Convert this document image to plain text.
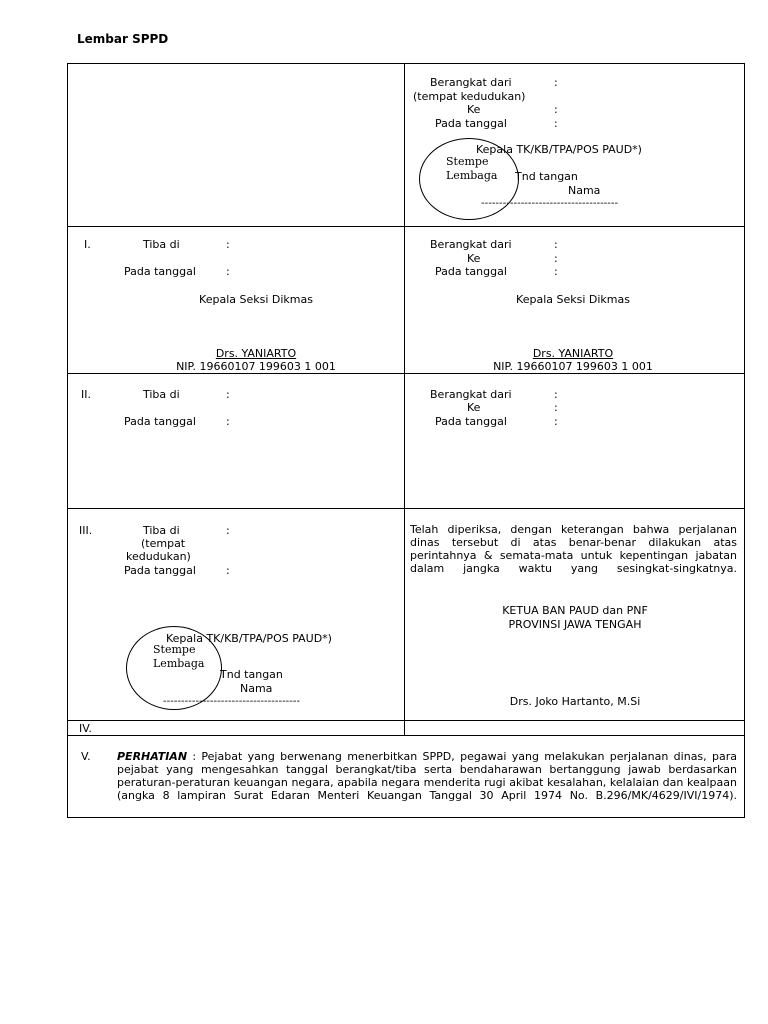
Lembar SPPD
Berangkat dari	:
(tempat kedudukan)
Ke	:
Pada tanggal	:
Kepala TK/KB/TPA/POS PAUD*)
Stempe
Lembaga Tnd tangan
Nama
--------------------------------------
I.	Tiba di	:
Pada tanggal	:
Kepala Seksi Dikmas
Drs. YANIARTO
NIP. 19660107 199603 1 001
Berangkat dari	:
Ke	:
Pada tanggal	:
Kepala Seksi Dikmas
Drs. YANIARTO
NIP. 19660107 199603 1 001
II.	Tiba di	:
Pada tanggal	:
Berangkat dari	:
Ke	:
Pada tanggal	:
III.	Tiba di	:
(tempat
kedudukan)
Pada tanggal	:
Kepala TK/KB/TPA/POS PAUD*)
Stempe
Lembaga
Tnd tangan
Nama
--------------------------------------
Telah diperiksa, dengan keterangan bahwa perjalanan dinas tersebut di atas benar-benar dilakukan atas perintahnya & semata-mata untuk kepentingan jabatan dalam jangka waktu yang sesingkat-singkatnya.
KETUA BAN PAUD dan PNF
PROVINSI JAWA TENGAH
Drs. Joko Hartanto, M.Si
IV.
V. PERHATIAN : Pejabat yang berwenang menerbitkan SPPD, pegawai yang melakukan perjalanan dinas, para pejabat yang mengesahkan tanggal berangkat/tiba serta bendaharawan bertanggung jawab berdasarkan peraturan-peraturan keuangan negara, apabila negara menderita rugi akibat kesalahan, kelalaian dan kealpaan (angka 8 lampiran Surat Edaran Menteri Keuangan Tanggal 30 April 1974 No. B.296/MK/4629/IVI/1974).
